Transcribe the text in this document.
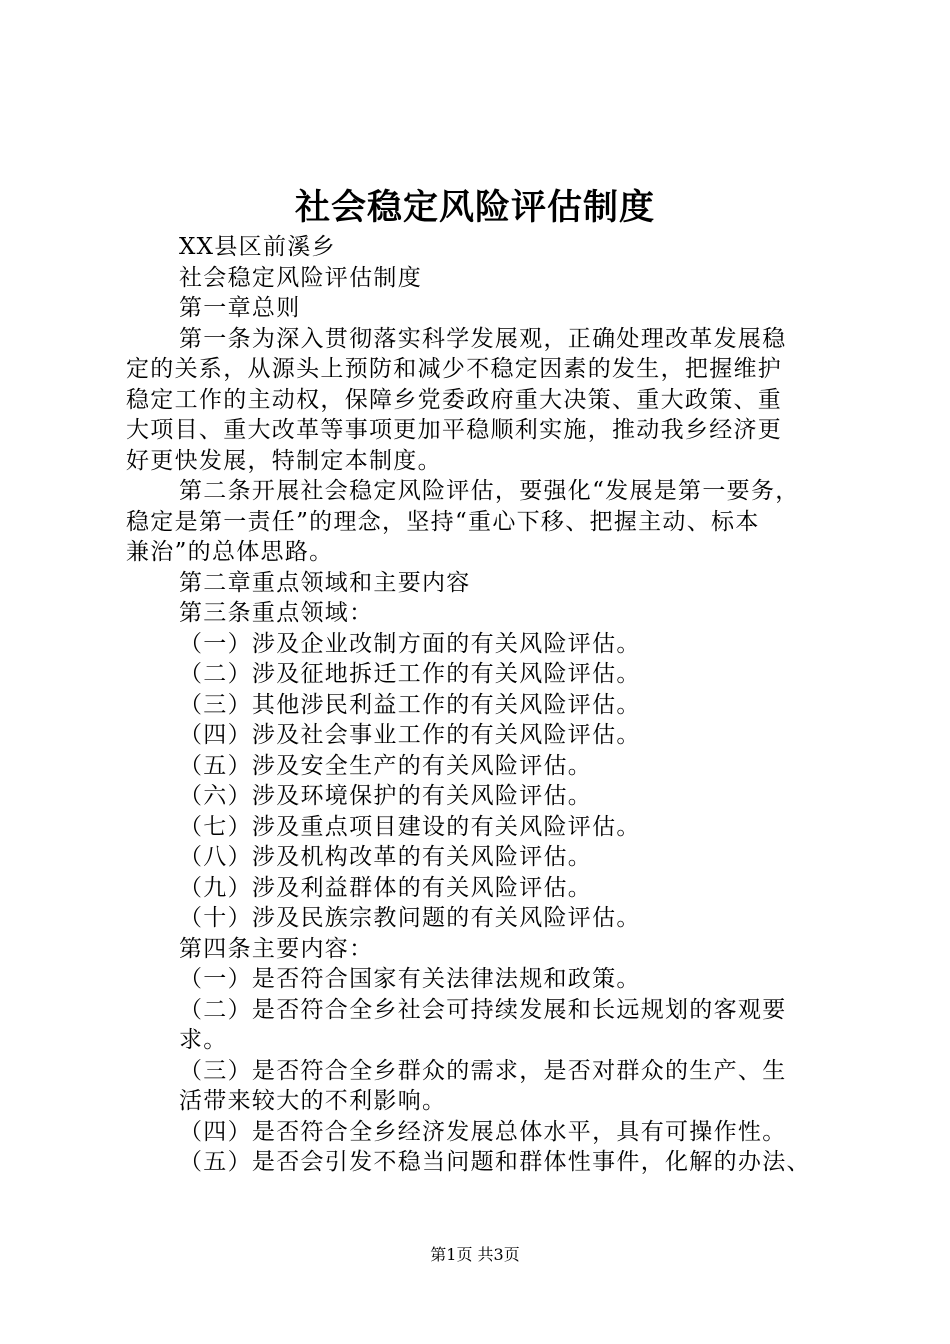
社会稳定风险评估制度
XX县区前溪乡
社会稳定风险评估制度
第一章总则
第一条为深入贯彻落实科学发展观，正确处理改革发展稳
定的关系，从源头上预防和减少不稳定因素的发生，把握维护
稳定工作的主动权，保障乡党委政府重大决策、重大政策、重
大项目、重大改革等事项更加平稳顺利实施，推动我乡经济更
好更快发展，特制定本制度。
第二条开展社会稳定风险评估，要强化“发展是第一要务，
稳定是第一责任”的理念，坚持“重心下移、把握主动、标本
兼治”的总体思路。
第二章重点领域和主要内容
第三条重点领域：
（一）涉及企业改制方面的有关风险评估。
（二）涉及征地拆迁工作的有关风险评估。
（三）其他涉民利益工作的有关风险评估。
（四）涉及社会事业工作的有关风险评估。
（五）涉及安全生产的有关风险评估。
（六）涉及环境保护的有关风险评估。
（七）涉及重点项目建设的有关风险评估。
（八）涉及机构改革的有关风险评估。
（九）涉及利益群体的有关风险评估。
（十）涉及民族宗教问题的有关风险评估。
第四条主要内容：
（一）是否符合国家有关法律法规和政策。
（二）是否符合全乡社会可持续发展和长远规划的客观要
求。
（三）是否符合全乡群众的需求，是否对群众的生产、生
活带来较大的不利影响。
（四）是否符合全乡经济发展总体水平，具有可操作性。
（五）是否会引发不稳当问题和群体性事件，化解的办法、
第1页 共3页
